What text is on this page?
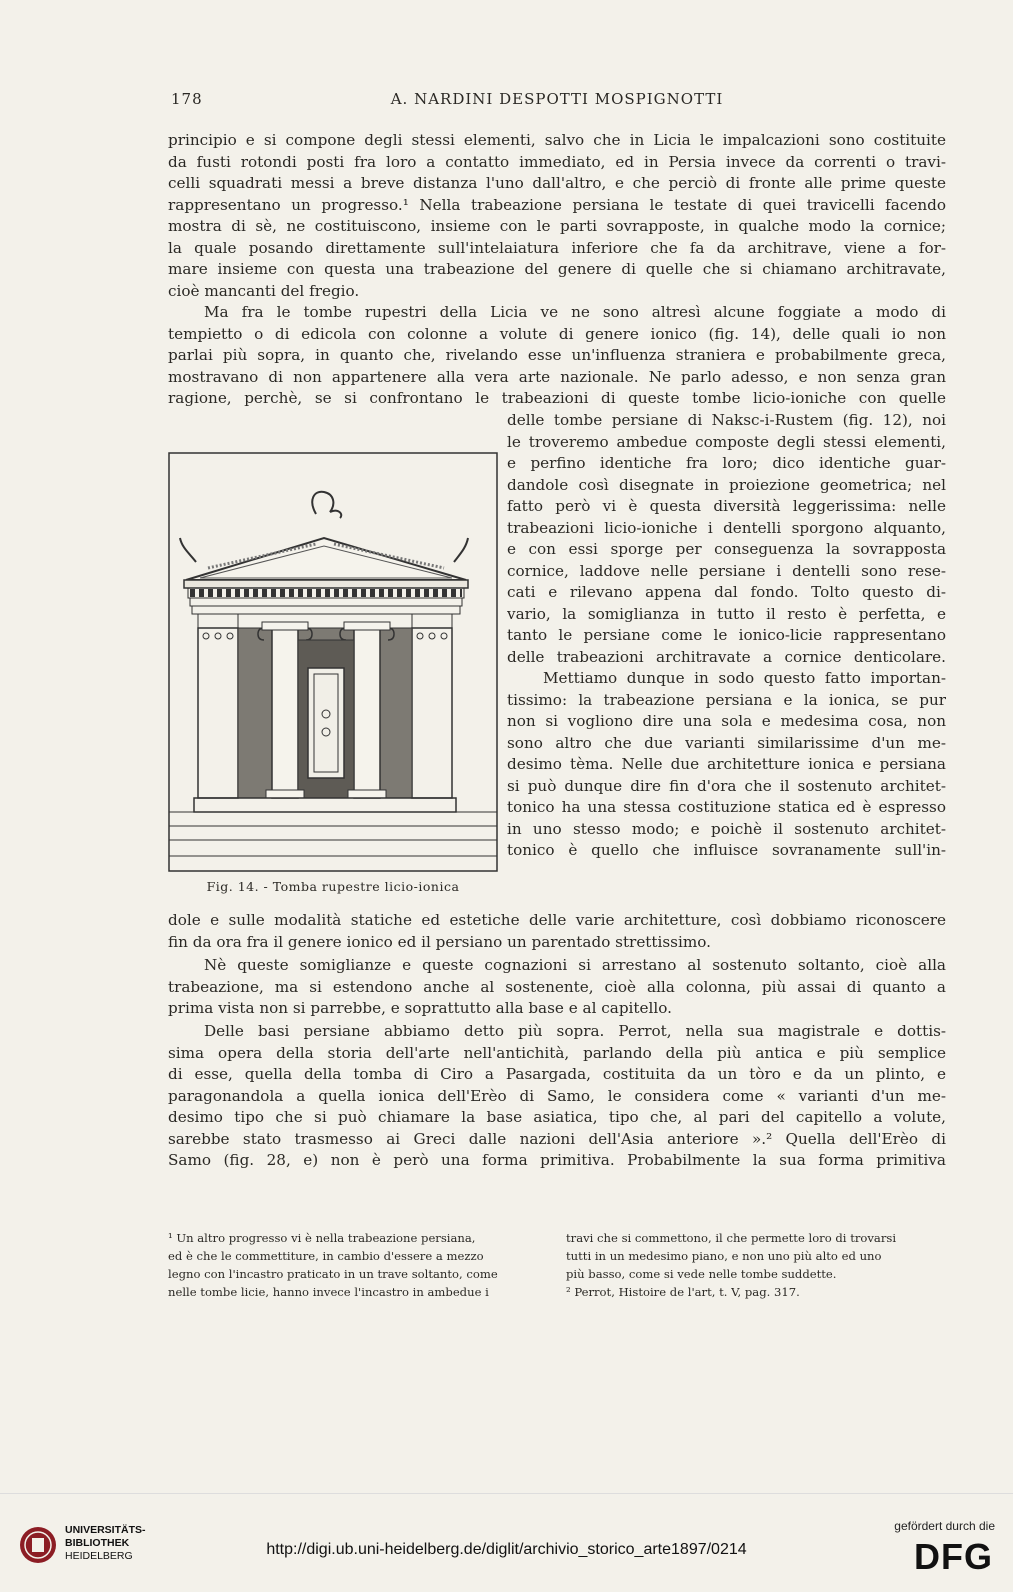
178	A. NARDINI DESPOTTI MOSPIGNOTTI
principio e si compone degli stessi elementi, salvo che in Licia le impalcazioni sono costituite
da fusti rotondi posti fra loro a contatto immediato, ed in Persia invece da correnti o travi-
celli squadrati messi a breve distanza l'uno dall'altro, e che perciò di fronte alle prime queste
rappresentano un progresso.¹ Nella trabeazione persiana le testate di quei travicelli facendo
mostra di sè, ne costituiscono, insieme con le parti sovrapposte, in qualche modo la cornice;
la quale posando direttamente sull'intelaiatura inferiore che fa da architrave, viene a for-
mare insieme con questa una trabeazione del genere di quelle che si chiamano architravate,
cioè mancanti del fregio.
Ma fra le tombe rupestri della Licia ve ne sono altresì alcune foggiate a modo di
tempietto o di edicola con colonne a volute di genere ionico (fig. 14), delle quali io non
parlai più sopra, in quanto che, rivelando esse un'influenza straniera e probabilmente greca,
mostravano di non appartenere alla vera arte nazionale. Ne parlo adesso, e non senza gran
ragione, perchè, se si confrontano le trabeazioni di queste tombe licio-ioniche con quelle
delle tombe persiane di Naksc-i-Rustem (fig. 12), noi
le troveremo ambedue composte degli stessi elementi,
e perfino identiche fra loro; dico identiche guar-
dandole così disegnate in proiezione geometrica; nel
fatto però vi è questa diversità leggerissima: nelle
trabeazioni licio-ioniche i dentelli sporgono alquanto,
e con essi sporge per conseguenza la sovrapposta
cornice, laddove nelle persiane i dentelli sono rese-
cati e rilevano appena dal fondo. Tolto questo di-
vario, la somiglianza in tutto il resto è perfetta, e
tanto le persiane come le ionico-licie rappresentano
delle trabeazioni architravate a cornice denticolare.
Mettiamo dunque in sodo questo fatto importan-
tissimo: la trabeazione persiana e la ionica, se pur
non si vogliono dire una sola e medesima cosa, non
sono altro che due varianti similarissime d'un me-
desimo tèma. Nelle due architetture ionica e persiana
si può dunque dire fin d'ora che il sostenuto architet-
tonico ha una stessa costituzione statica ed è espresso
in uno stesso modo; e poichè il sostenuto architet-
tonico è quello che influisce sovranamente sull'in-
Fig. 14. - Tomba rupestre licio-ionica
dole e sulle modalità statiche ed estetiche delle varie architetture, così dobbiamo riconoscere
fin da ora fra il genere ionico ed il persiano un parentado strettissimo.
Nè queste somiglianze e queste cognazioni si arrestano al sostenuto soltanto, cioè alla
trabeazione, ma si estendono anche al sostenente, cioè alla colonna, più assai di quanto a
prima vista non si parrebbe, e soprattutto alla base e al capitello.
Delle basi persiane abbiamo detto più sopra. Perrot, nella sua magistrale e dottis-
sima opera della storia dell'arte nell'antichità, parlando della più antica e più semplice
di esse, quella della tomba di Ciro a Pasargada, costituita da un tòro e da un plinto, e
paragonandola a quella ionica dell'Erèo di Samo, le considera come « varianti d'un me-
desimo tipo che si può chiamare la base asiatica, tipo che, al pari del capitello a volute,
sarebbe stato trasmesso ai Greci dalle nazioni dell'Asia anteriore ».² Quella dell'Erèo di
Samo (fig. 28, e) non è però una forma primitiva. Probabilmente la sua forma primitiva
¹ Un altro progresso vi è nella trabeazione persiana,
ed è che le commettiture, in cambio d'essere a mezzo
legno con l'incastro praticato in un trave soltanto, come
nelle tombe licie, hanno invece l'incastro in ambedue i
travi che si commettono, il che permette loro di trovarsi
tutti in un medesimo piano, e non uno più alto ed uno
più basso, come si vede nelle tombe suddette.
² Perrot, Histoire de l'art, t. V, pag. 317.
UNIVERSITÄTS-
BIBLIOTHEK
HEIDELBERG	http://digi.ub.uni-heidelberg.de/diglit/archivio_storico_arte1897/0214
gefördert durch die
DFG
